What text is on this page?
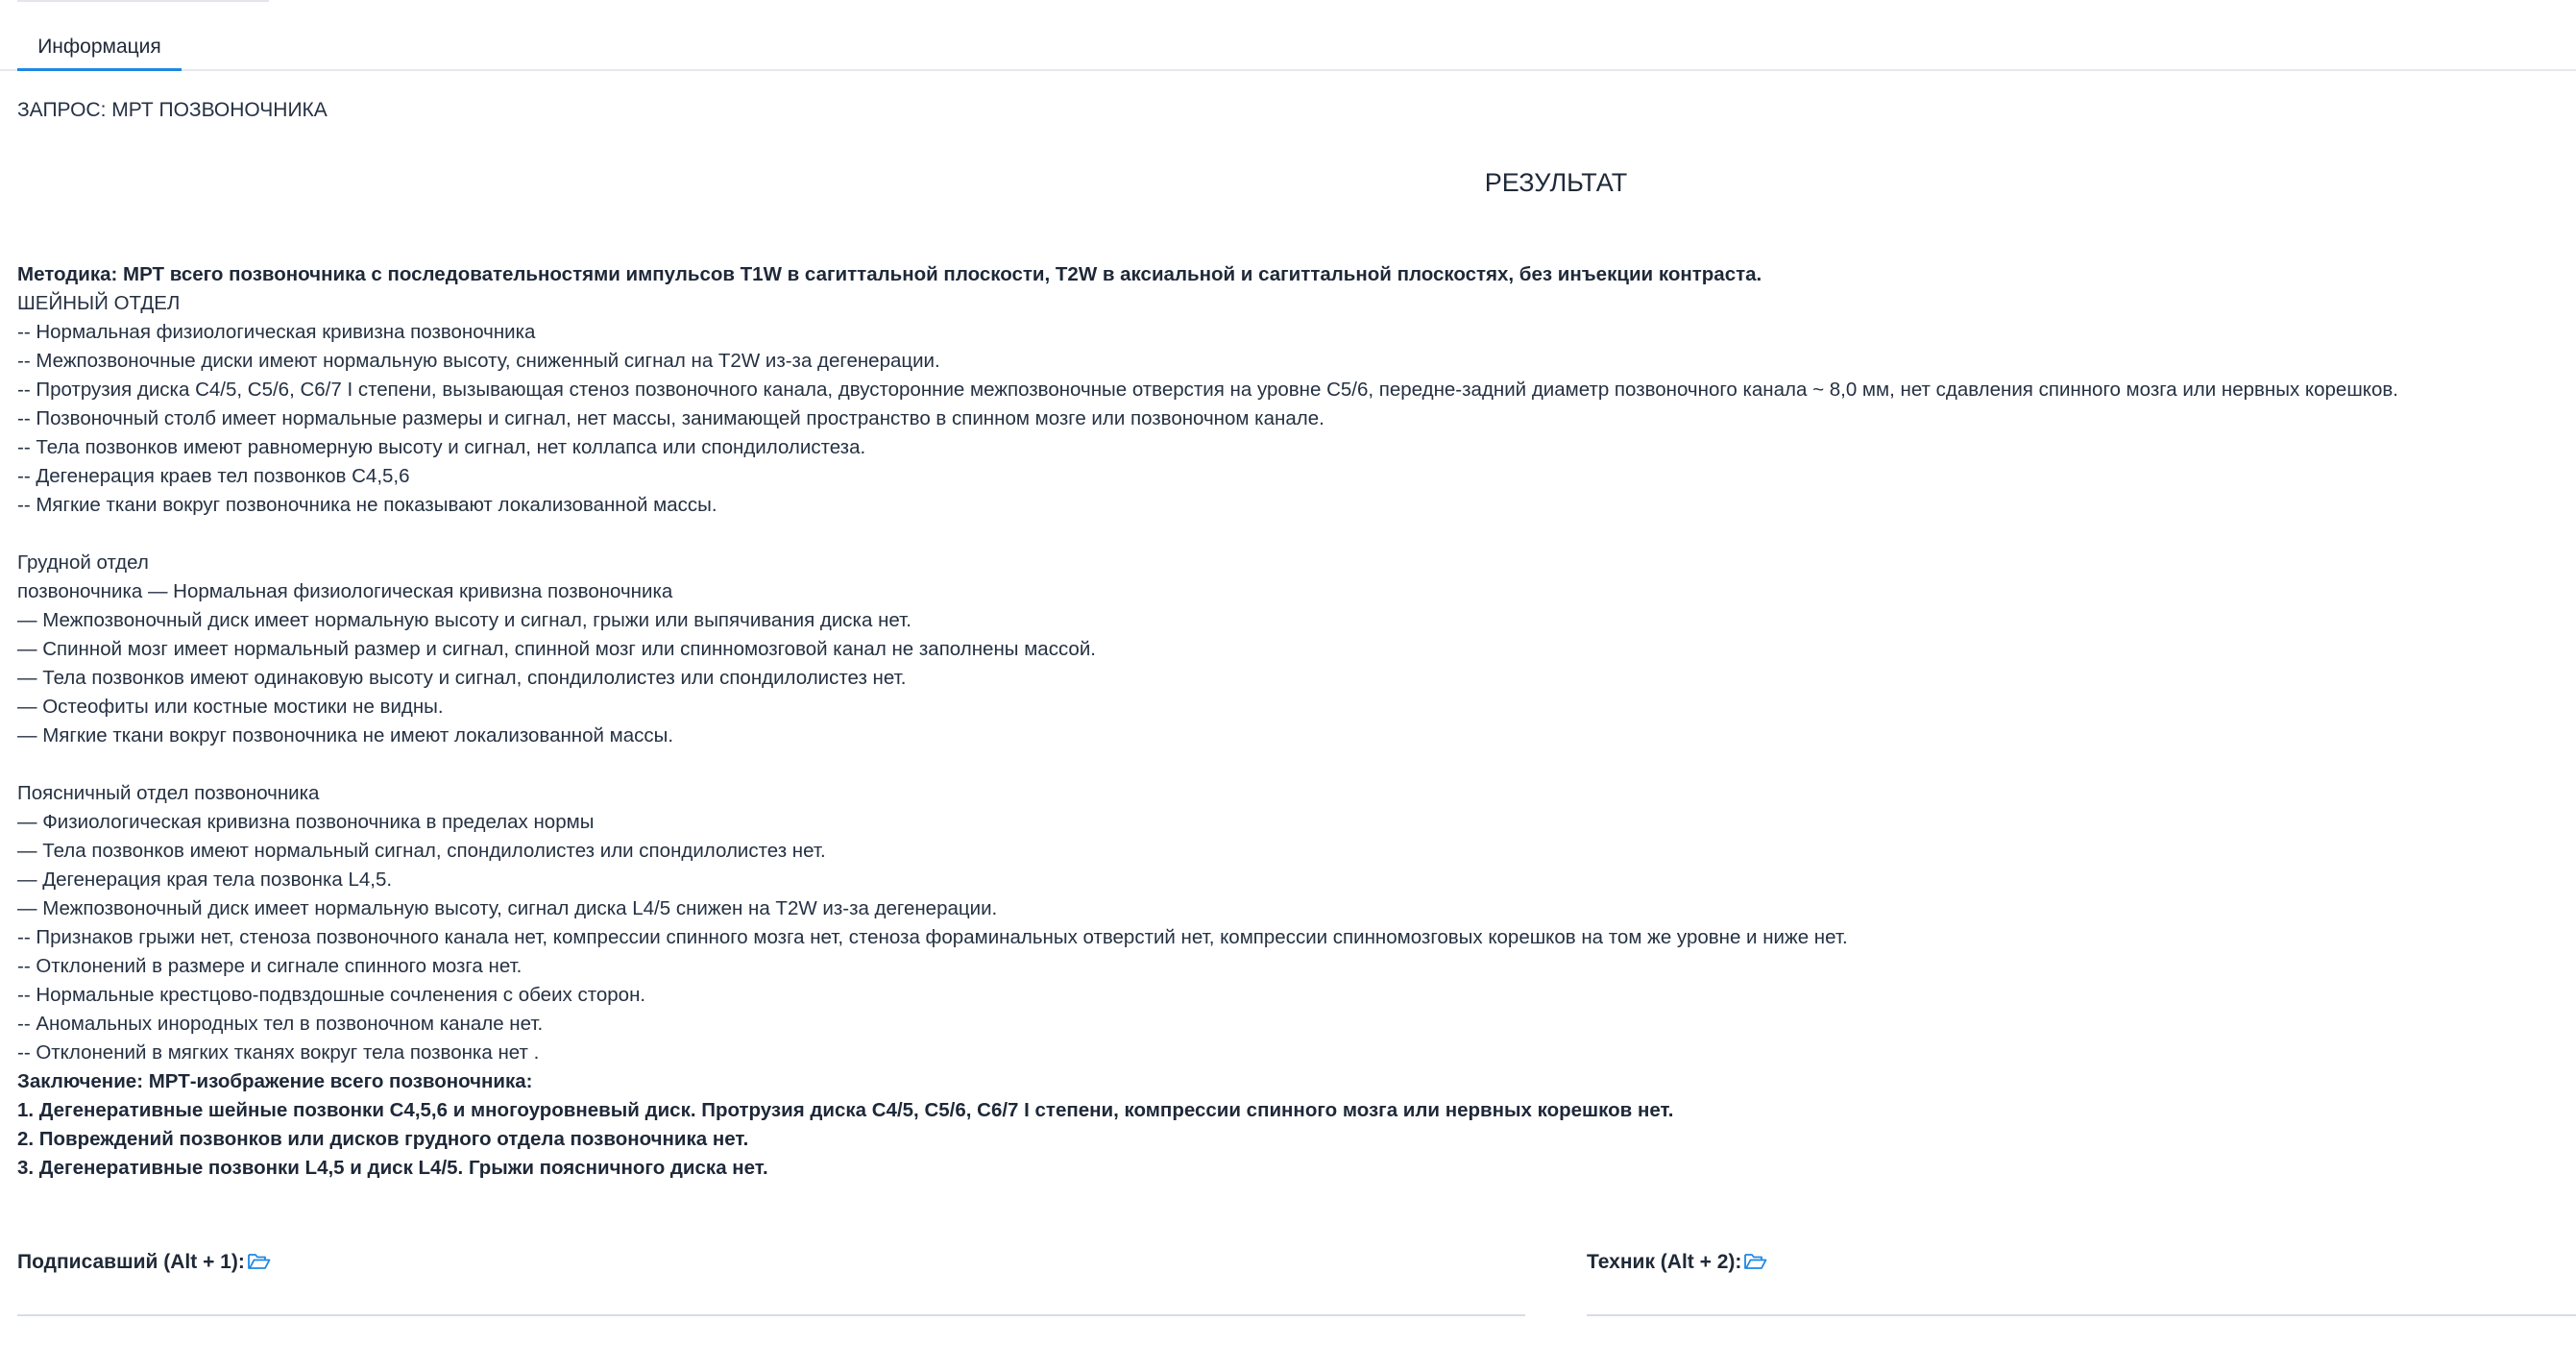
Информация
ЗАПРОС: МРТ ПОЗВОНОЧНИКА
РЕЗУЛЬТАТ
Методика: МРТ всего позвоночника с последовательностями импульсов T1W в сагиттальной плоскости, T2W в аксиальной и сагиттальной плоскостях, без инъекции контраста.
ШЕЙНЫЙ ОТДЕЛ
-- Нормальная физиологическая кривизна позвоночника
-- Межпозвоночные диски имеют нормальную высоту, сниженный сигнал на T2W из-за дегенерации.
-- Протрузия диска C4/5, C5/6, C6/7 I степени, вызывающая стеноз позвоночного канала, двусторонние межпозвоночные отверстия на уровне C5/6, передне-задний диаметр позвоночного канала ~ 8,0 мм, нет сдавления спинного мозга или нервных корешков.
-- Позвоночный столб имеет нормальные размеры и сигнал, нет массы, занимающей пространство в спинном мозге или позвоночном канале.
-- Тела позвонков имеют равномерную высоту и сигнал, нет коллапса или спондилолистеза.
-- Дегенерация краев тел позвонков C4,5,6
-- Мягкие ткани вокруг позвоночника не показывают локализованной массы.
Грудной отдел
позвоночника — Нормальная физиологическая кривизна позвоночника
— Межпозвоночный диск имеет нормальную высоту и сигнал, грыжи или выпячивания диска нет.
— Спинной мозг имеет нормальный размер и сигнал, спинной мозг или спинномозговой канал не заполнены массой.
— Тела позвонков имеют одинаковую высоту и сигнал, спондилолистез или спондилолистез нет.
— Остеофиты или костные мостики не видны.
— Мягкие ткани вокруг позвоночника не имеют локализованной массы.
Поясничный отдел позвоночника
— Физиологическая кривизна позвоночника в пределах нормы
— Тела позвонков имеют нормальный сигнал, спондилолистез или спондилолистез нет.
— Дегенерация края тела позвонка L4,5.
— Межпозвоночный диск имеет нормальную высоту, сигнал диска L4/5 снижен на T2W из-за дегенерации.
-- Признаков грыжи нет, стеноза позвоночного канала нет, компрессии спинного мозга нет, стеноза фораминальных отверстий нет, компрессии спинномозговых корешков на том же уровне и ниже нет.
-- Отклонений в размере и сигнале спинного мозга нет.
-- Нормальные крестцово-подвздошные сочленения с обеих сторон.
-- Аномальных инородных тел в позвоночном канале нет.
-- Отклонений в мягких тканях вокруг тела позвонка нет .
Заключение: МРТ-изображение всего позвоночника:
1. Дегенеративные шейные позвонки C4,5,6 и многоуровневый диск. Протрузия диска C4/5, C5/6, C6/7 I степени, компрессии спинного мозга или нервных корешков нет.
2. Повреждений позвонков или дисков грудного отдела позвоночника нет.
3. Дегенеративные позвонки L4,5 и диск L4/5. Грыжи поясничного диска нет.
Подписавший (Alt + 1):	Техник (Alt + 2):
